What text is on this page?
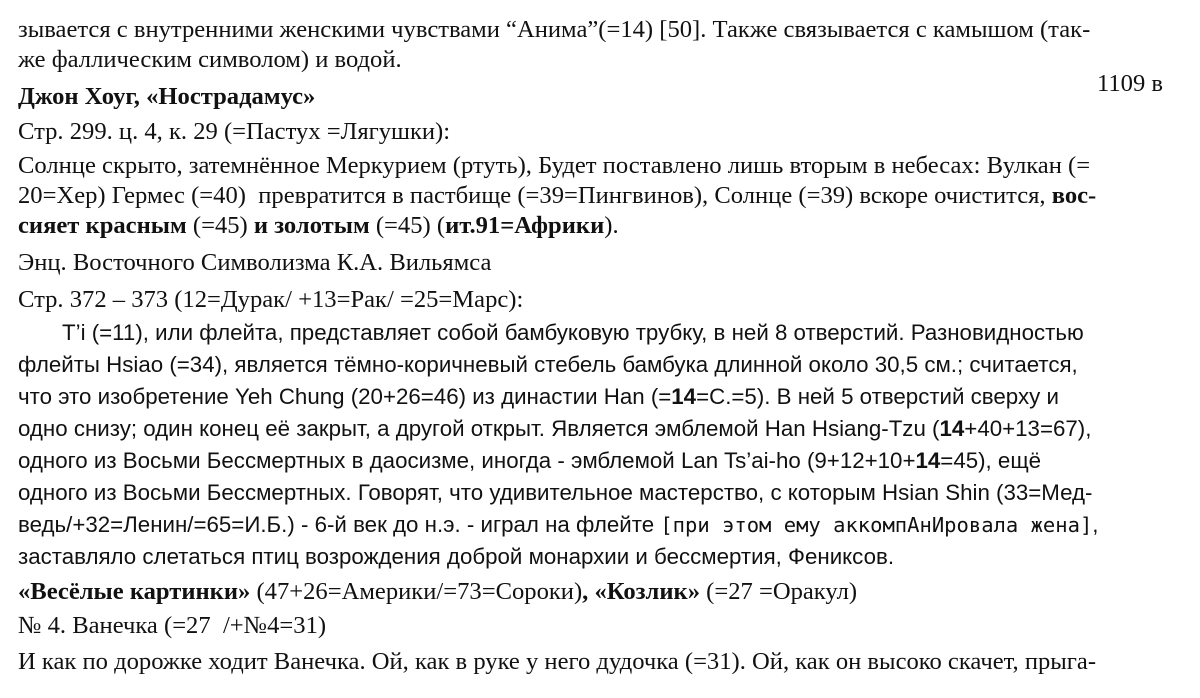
зывается с внутренними женскими чувствами “Анима”(=14) [50]. Также связывается с камышом (так-
же фаллическим символом) и водой.
1109 в
Джон Хоуг, «Нострадамус»
Стр. 299. ц. 4, к. 29 (=Пастух =Лягушки):
Солнце скрыто, затемнённое Меркурием (ртуть), Будет поставлено лишь вторым в небесах: Вулкан (=
20=Хер) Гермес (=40)  превратится в пастбище (=39=Пингвинов), Солнце (=39) вскоре очистится, вос-
сияет красным (=45) и золотым (=45) (ит.91=Африки).
Энц. Восточного Символизма К.А. Вильямса
Стр. 372 – 373 (12=Дурак/ +13=Рак/ =25=Марс):
T’i (=11), или флейта, представляет собой бамбуковую трубку, в ней 8 отверстий. Разновидностью
флейты Hsiao (=34), является тёмно-коричневый стебель бамбука длинной около 30,5 см.; считается,
что это изобретение Yeh Chung (20+26=46) из династии Han (=14=С.=5). В ней 5 отверстий сверху и
одно снизу; один конец её закрыт, а другой открыт. Является эмблемой Han Hsiang-Tzu (14+40+13=67),
одного из Восьми Бессмертных в даосизме, иногда - эмблемой Lan Ts’ai-ho (9+12+10+14=45), ещё
одного из Восьми Бессмертных. Говорят, что удивительное мастерство, с которым Hsian Shin (33=Мед-
ведь/+32=Ленин/=65=И.Б.) - 6-й век до н.э. - играл на флейте [при этом ему аккомпАнИровала жена],
заставляло слетаться птиц возрождения доброй монархии и бессмертия, Фениксов.
«Весёлые картинки» (47+26=Америки/=73=Сороки), «Козлик» (=27 =Оракул)
№ 4. Ванечка (=27  /+№4=31)
И как по дорожке ходит Ванечка. Ой, как в руке у него дудочка (=31). Ой, как он высоко скачет, прыга-
